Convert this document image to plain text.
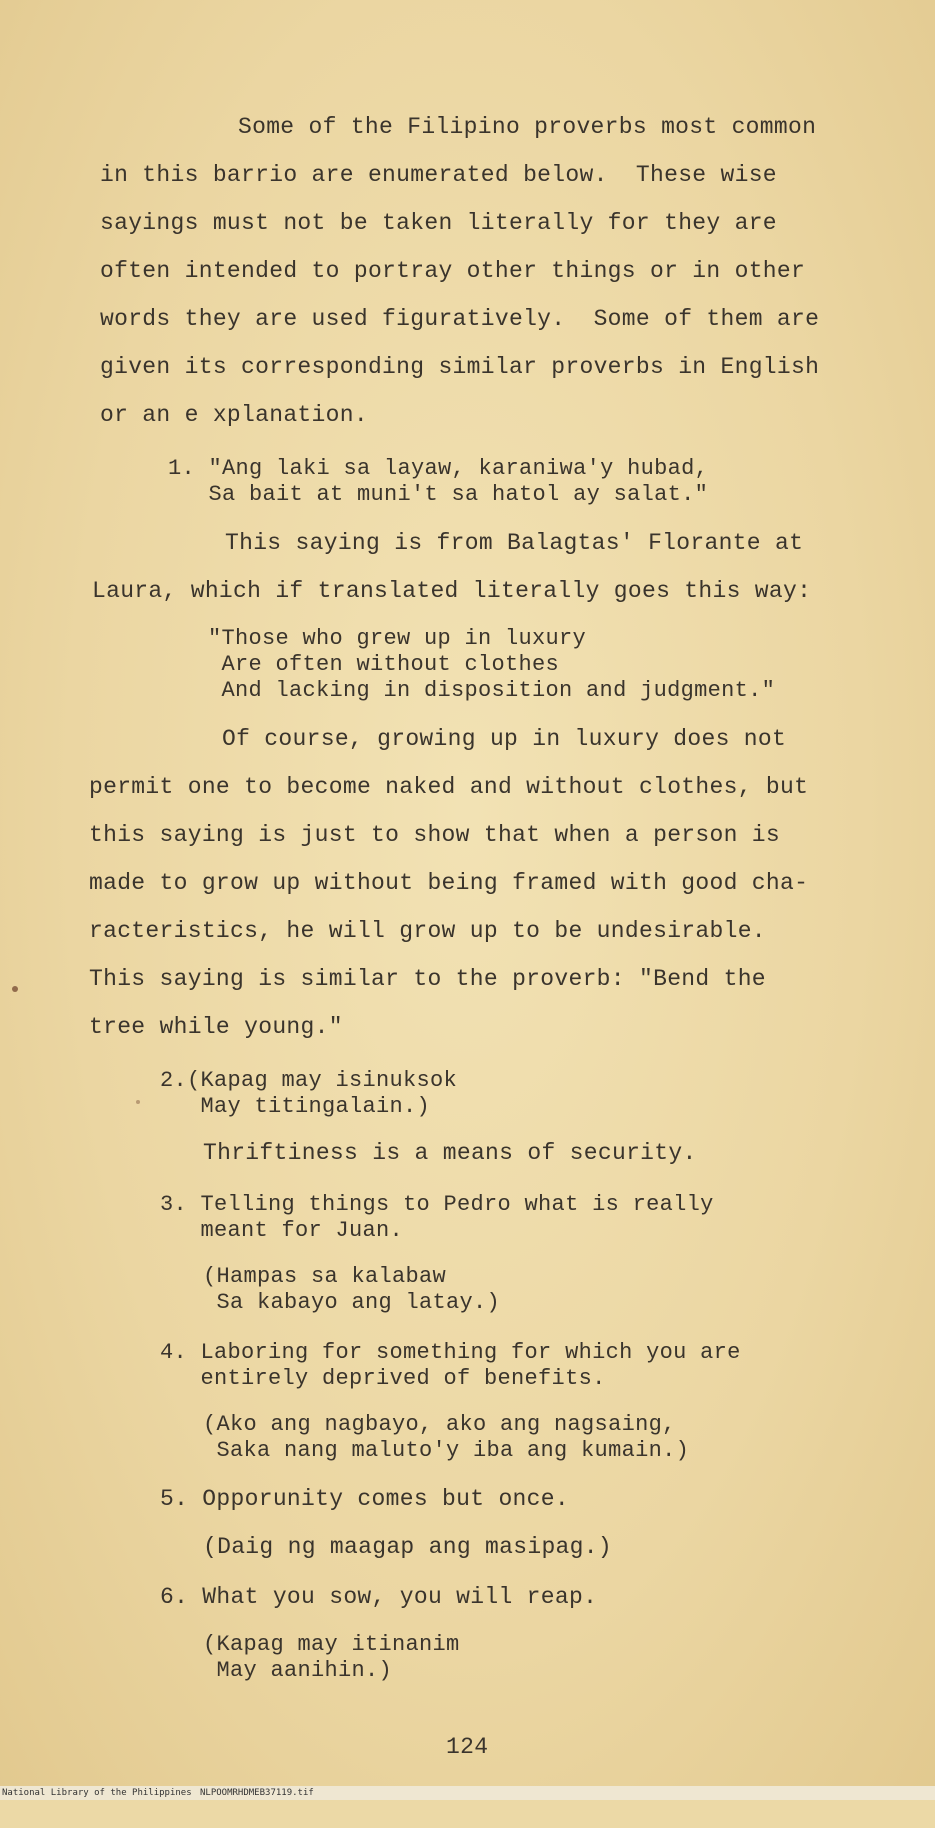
Some of the Filipino proverbs most common
in this barrio are enumerated below.  These wise
sayings must not be taken literally for they are
often intended to portray other things or in other
words they are used figuratively.  Some of them are
given its corresponding similar proverbs in English
or an e xplanation.
1. "Ang laki sa layaw, karaniwa'y hubad,
Sa bait at muni't sa hatol ay salat."
This saying is from Balagtas' Florante at
Laura, which if translated literally goes this way:
"Those who grew up in luxury
Are often without clothes
And lacking in disposition and judgment."
Of course, growing up in luxury does not
permit one to become naked and without clothes, but
this saying is just to show that when a person is
made to grow up without being framed with good cha-
racteristics, he will grow up to be undesirable.
This saying is similar to the proverb: "Bend the
tree while young."
2.(Kapag may isinuksok
May titingalain.)
Thriftiness is a means of security.
3. Telling things to Pedro what is really
meant for Juan.
(Hampas sa kalabaw
Sa kabayo ang latay.)
4. Laboring for something for which you are
entirely deprived of benefits.
(Ako ang nagbayo, ako ang nagsaing,
Saka nang maluto'y iba ang kumain.)
5. Opporunity comes but once.
(Daig ng maagap ang masipag.)
6. What you sow, you will reap.
(Kapag may itinanim
May aanihin.)
124

National Library of the Philippines

NLPOOMRHDMEB37119.tif
